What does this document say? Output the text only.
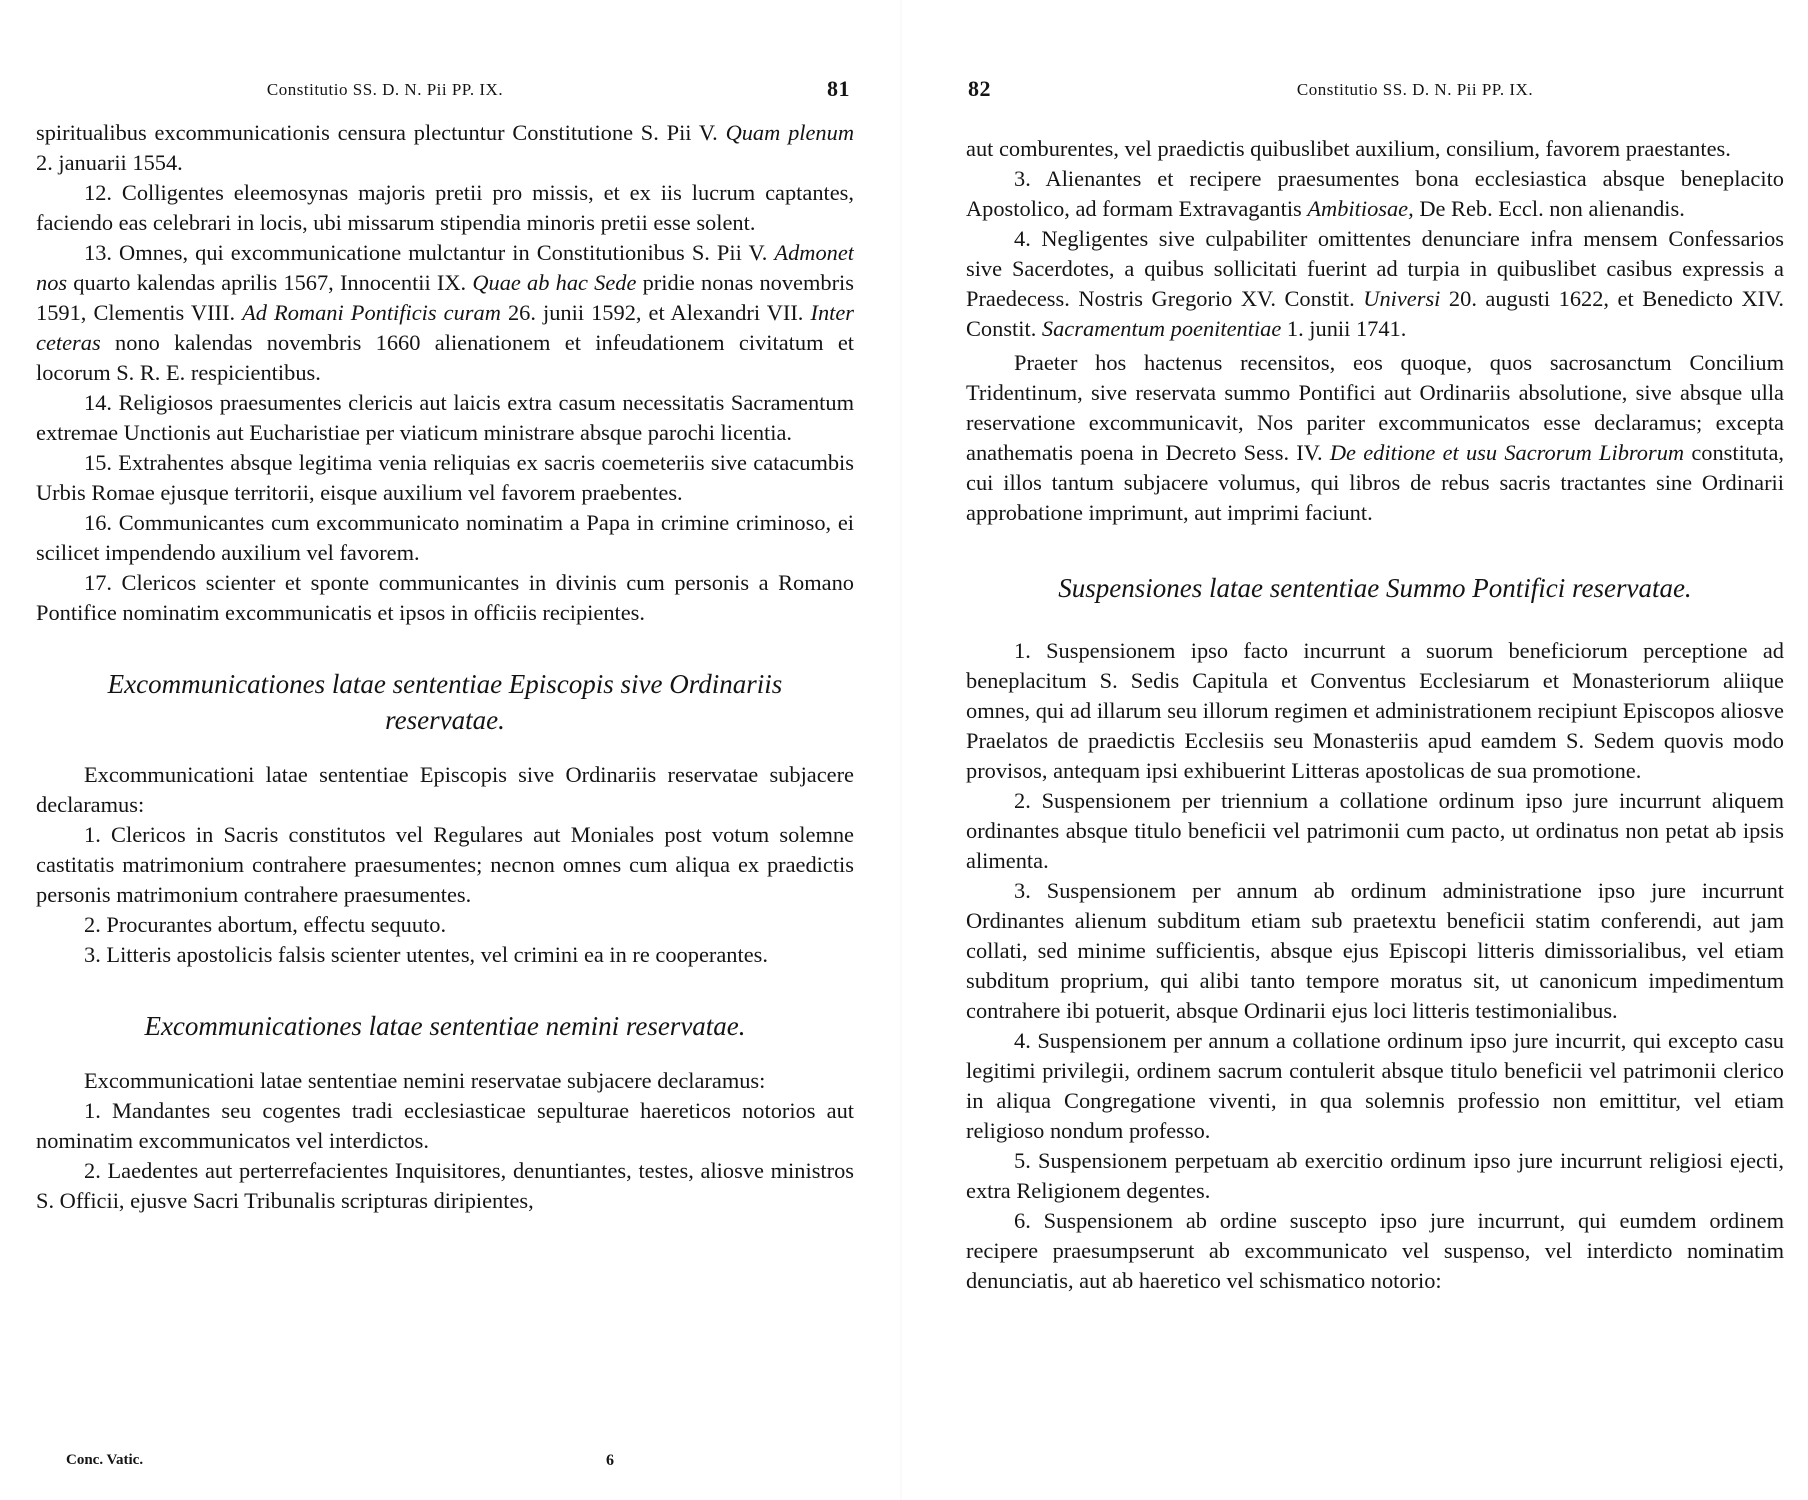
Constitutio SS. D. N. Pii PP. IX.	81

spiritualibus excommunicationis censura plectuntur Constitutione S. Pii V. Quam plenum 2. januarii 1554.

12. Colligentes eleemosynas majoris pretii pro missis, et ex iis lucrum captantes, faciendo eas celebrari in locis, ubi missarum stipendia minoris pretii esse solent.

13. Omnes, qui excommunicatione mulctantur in Constitutionibus S. Pii V. Admonet nos quarto kalendas aprilis 1567, Innocentii IX. Quae ab hac Sede pridie nonas novembris 1591, Clementis VIII. Ad Romani Pontificis curam 26. junii 1592, et Alexandri VII. Inter ceteras nono kalendas novembris 1660 alienationem et infeudationem civitatum et locorum S. R. E. respicientibus.

14. Religiosos praesumentes clericis aut laicis extra casum necessitatis Sacramentum extremae Unctionis aut Eucharistiae per viaticum ministrare absque parochi licentia.

15. Extrahentes absque legitima venia reliquias ex sacris coemeteriis sive catacumbis Urbis Romae ejusque territorii, eisque auxilium vel favorem praebentes.

16. Communicantes cum excommunicato nominatim a Papa in crimine criminoso, ei scilicet impendendo auxilium vel favorem.

17. Clericos scienter et sponte communicantes in divinis cum personis a Romano Pontifice nominatim excommunicatis et ipsos in officiis recipientes.

Excommunicationes latae sententiae Episcopis sive Ordinariis reservatae.

Excommunicationi latae sententiae Episcopis sive Ordinariis reservatae subjacere declaramus:

1. Clericos in Sacris constitutos vel Regulares aut Moniales post votum solemne castitatis matrimonium contrahere praesumentes; necnon omnes cum aliqua ex praedictis personis matrimonium contrahere praesumentes.

2. Procurantes abortum, effectu sequuto.

3. Litteris apostolicis falsis scienter utentes, vel crimini ea in re cooperantes.

Excommunicationes latae sententiae nemini reservatae.

Excommunicationi latae sententiae nemini reservatae subjacere declaramus:

1. Mandantes seu cogentes tradi ecclesiasticae sepulturae haereticos notorios aut nominatim excommunicatos vel interdictos.

2. Laedentes aut perterrefacientes Inquisitores, denuntiantes, testes, aliosve ministros S. Officii, ejusve Sacri Tribunalis scripturas diripientes,

Conc. Vatic.	6
82	Constitutio SS. D. N. Pii PP. IX.

aut comburentes, vel praedictis quibuslibet auxilium, consilium, favorem praestantes.

3. Alienantes et recipere praesumentes bona ecclesiastica absque beneplacito Apostolico, ad formam Extravagantis Ambitiosae, De Reb. Eccl. non alienandis.

4. Negligentes sive culpabiliter omittentes denunciare infra mensem Confessarios sive Sacerdotes, a quibus sollicitati fuerint ad turpia in quibuslibet casibus expressis a Praedecess. Nostris Gregorio XV. Constit. Universi 20. augusti 1622, et Benedicto XIV. Constit. Sacramentum poenitentiae 1. junii 1741.

Praeter hos hactenus recensitos, eos quoque, quos sacrosanctum Concilium Tridentinum, sive reservata summo Pontifici aut Ordinariis absolutione, sive absque ulla reservatione excommunicavit, Nos pariter excommunicatos esse declaramus; excepta anathematis poena in Decreto Sess. IV. De editione et usu Sacrorum Librorum constituta, cui illos tantum subjacere volumus, qui libros de rebus sacris tractantes sine Ordinarii approbatione imprimunt, aut imprimi faciunt.

Suspensiones latae sententiae Summo Pontifici reservatae.

1. Suspensionem ipso facto incurrunt a suorum beneficiorum perceptione ad beneplacitum S. Sedis Capitula et Conventus Ecclesiarum et Monasteriorum aliique omnes, qui ad illarum seu illorum regimen et administrationem recipiunt Episcopos aliosve Praelatos de praedictis Ecclesiis seu Monasteriis apud eamdem S. Sedem quovis modo provisos, antequam ipsi exhibuerint Litteras apostolicas de sua promotione.

2. Suspensionem per triennium a collatione ordinum ipso jure incurrunt aliquem ordinantes absque titulo beneficii vel patrimonii cum pacto, ut ordinatus non petat ab ipsis alimenta.

3. Suspensionem per annum ab ordinum administratione ipso jure incurrunt Ordinantes alienum subditum etiam sub praetextu beneficii statim conferendi, aut jam collati, sed minime sufficientis, absque ejus Episcopi litteris dimissorialibus, vel etiam subditum proprium, qui alibi tanto tempore moratus sit, ut canonicum impedimentum contrahere ibi potuerit, absque Ordinarii ejus loci litteris testimonialibus.

4. Suspensionem per annum a collatione ordinum ipso jure incurrit, qui excepto casu legitimi privilegii, ordinem sacrum contulerit absque titulo beneficii vel patrimonii clerico in aliqua Congregatione viventi, in qua solemnis professio non emittitur, vel etiam religioso nondum professo.

5. Suspensionem perpetuam ab exercitio ordinum ipso jure incurrunt religiosi ejecti, extra Religionem degentes.

6. Suspensionem ab ordine suscepto ipso jure incurrunt, qui eumdem ordinem recipere praesumpserunt ab excommunicato vel suspenso, vel interdicto nominatim denunciatis, aut ab haeretico vel schismatico notorio:
